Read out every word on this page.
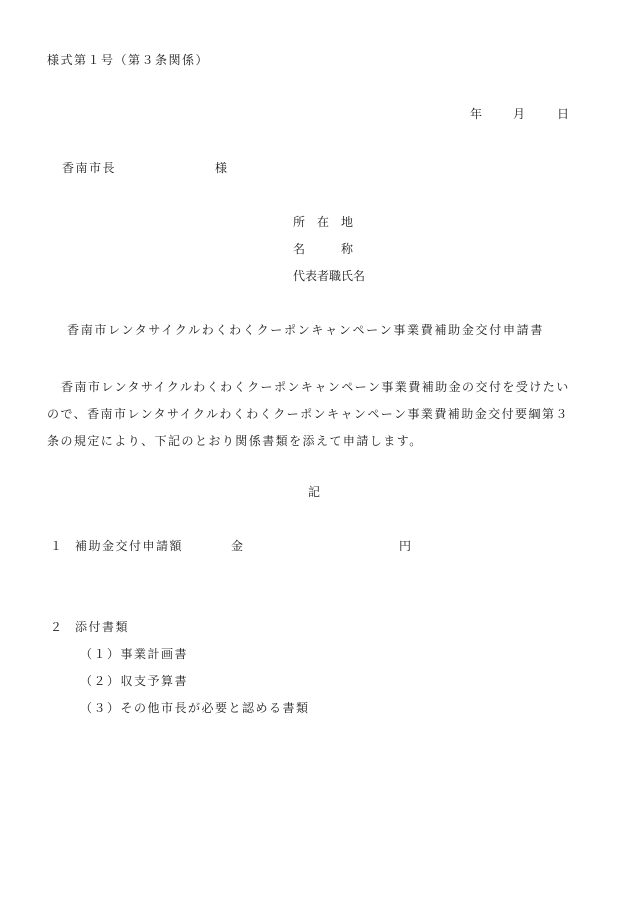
様式第１号（第３条関係）
年 月	日
香南市長	様
所　在　地
名　　　称
代表者職氏名
香南市レンタサイクルわくわくクーポンキャンペーン事業費補助金交付申請書
香南市レンタサイクルわくわくクーポンキャンペーン事業費補助金の交付を受けたいので、香南市レンタサイクルわくわくクーポンキャンペーン事業費補助金交付要綱第３条の規定により、下記のとおり関係書類を添えて申請します。
記
１ 補助金交付申請額	金	円
２ 添付書類
（１）事業計画書
（２）収支予算書
（３）その他市長が必要と認める書類
